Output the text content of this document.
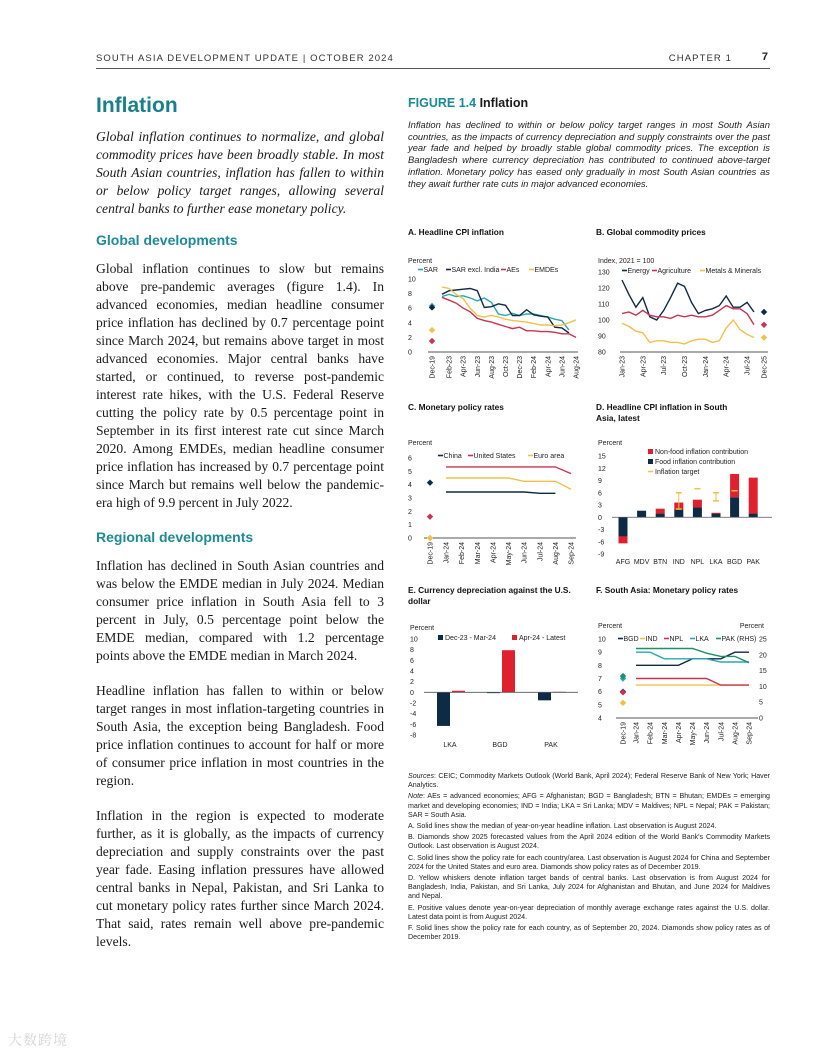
SOUTH ASIA DEVELOPMENT UPDATE | OCTOBER 2024	CHAPTER 1	7
Inflation

Global inflation continues to normalize, and global commodity prices have been broadly stable. In most South Asian countries, inflation has fallen to within or below policy target ranges, allowing several central banks to further ease monetary policy.

Global developments

Global inflation continues to slow but remains above pre-pandemic averages (figure 1.4). In advanced economies, median headline consumer price inflation has declined by 0.7 percentage point since March 2024, but remains above target in most advanced economies. Major central banks have started, or continued, to reverse post-pandemic interest rate hikes, with the U.S. Federal Reserve cutting the policy rate by 0.5 percentage point in September in its first interest rate cut since March 2020. Among EMDEs, median headline consumer price inflation has increased by 0.7 percentage point since March but remains well below the pandemic-era high of 9.9 percent in July 2022.

Regional developments

Inflation has declined in South Asian countries and was below the EMDE median in July 2024. Median consumer price inflation in South Asia fell to 3 percent in July, 0.5 percentage point below the EMDE median, compared with 1.2 percentage points above the EMDE median in March 2024.

Headline inflation has fallen to within or below target ranges in most inflation-targeting countries in South Asia, the exception being Bangladesh. Food price inflation continues to account for half or more of consumer price inflation in most countries in the region.

Inflation in the region is expected to moderate further, as it is globally, as the impacts of currency depreciation and supply constraints over the past year fade. Easing inflation pressures have allowed central banks in Nepal, Pakistan, and Sri Lanka to cut monetary policy rates further since March 2024. That said, rates remain well above pre-pandemic levels.

FIGURE 1.4 Inflation

Inflation has declined to within or below policy target ranges in most South Asian countries, as the impacts of currency depreciation and supply constraints over the past year fade and helped by broadly stable global commodity prices. The exception is Bangladesh where currency depreciation has contributed to continued above-target inflation. Monetary policy has eased only gradually in most South Asian countries as they await further rate cuts in major advanced economies.

A. Headline CPI inflation
Percent
0
2
4
6
8
10
SAR SAR excl. India AEs EMDEs
Dec-19 Feb-23 Apr-23 Jun-23 Aug-23 Oct-23 Dec-23 Feb-24 Apr-24 Jun-24 Aug-24
B. Global commodity prices
Index, 2021 = 100
80
90
100
110
120
130	Energy Agriculture Metals & Minerals
Jan-23 Apr-23 Jul-23 Oct-23 Jan-24 Apr-24 Jul-24 Dec-25
C. Monetary policy rates
Percent
0
1
2
3
4
5
6	China United States	Euro area
Dec-19 Jan-24 Feb-24 Mar-24 Apr-24 May-24 Jun-24 Jul-24 Aug-24 Sep-24
D. Headline CPI inflation in South Asia, latest
Percent
-9
-6
-3
0
3
6
9
12
15
Non-food inflation contribution
Food inflation contribution
Inflation target
AFG MDV BTN IND NPL LKA BGD PAK
E. Currency depreciation against the U.S. dollar
Percent
-8
-6
-4
-2
0
2
4
6
8
10	Dec-23 - Mar-24	Apr-24 - Latest
LKA	BGD	PAK
F. South Asia: Monetary policy rates
Percent	Percent
4
5
6
7
8
9
10
0
5
10
15
20
25
BGD IND NPL LKA PAK (RHS)
Dec-19 Jan-24 Feb-24 Mar-24 Apr-24 May-24 Jun-24 Jul-24 Aug-24 Sep-24

Sources: CEIC; Commodity Markets Outlook (World Bank, April 2024); Federal Reserve Bank of New York; Haver Analytics.

Note: AEs = advanced economies; AFG = Afghanistan; BGD = Bangladesh; BTN = Bhutan; EMDEs = emerging market and developing economies; IND = India; LKA = Sri Lanka; MDV = Maldives; NPL = Nepal; PAK = Pakistan; SAR = South Asia.

A. Solid lines show the median of year-on-year headline inflation. Last observation is August 2024.

B. Diamonds show 2025 forecasted values from the April 2024 edition of the World Bank's Commodity Markets Outlook. Last observation is August 2024.

C. Solid lines show the policy rate for each country/area. Last observation is August 2024 for China and September 2024 for the United States and euro area. Diamonds show policy rates as of December 2019.

D. Yellow whiskers denote inflation target bands of central banks. Last observation is from August 2024 for Bangladesh, India, Pakistan, and Sri Lanka, July 2024 for Afghanistan and Bhutan, and June 2024 for Maldives and Nepal.

E. Positive values denote year-on-year depreciation of monthly average exchange rates against the U.S. dollar. Latest data point is from August 2024.

F. Solid lines show the policy rate for each country, as of September 20, 2024. Diamonds show policy rates as of December 2019.

大数跨境
